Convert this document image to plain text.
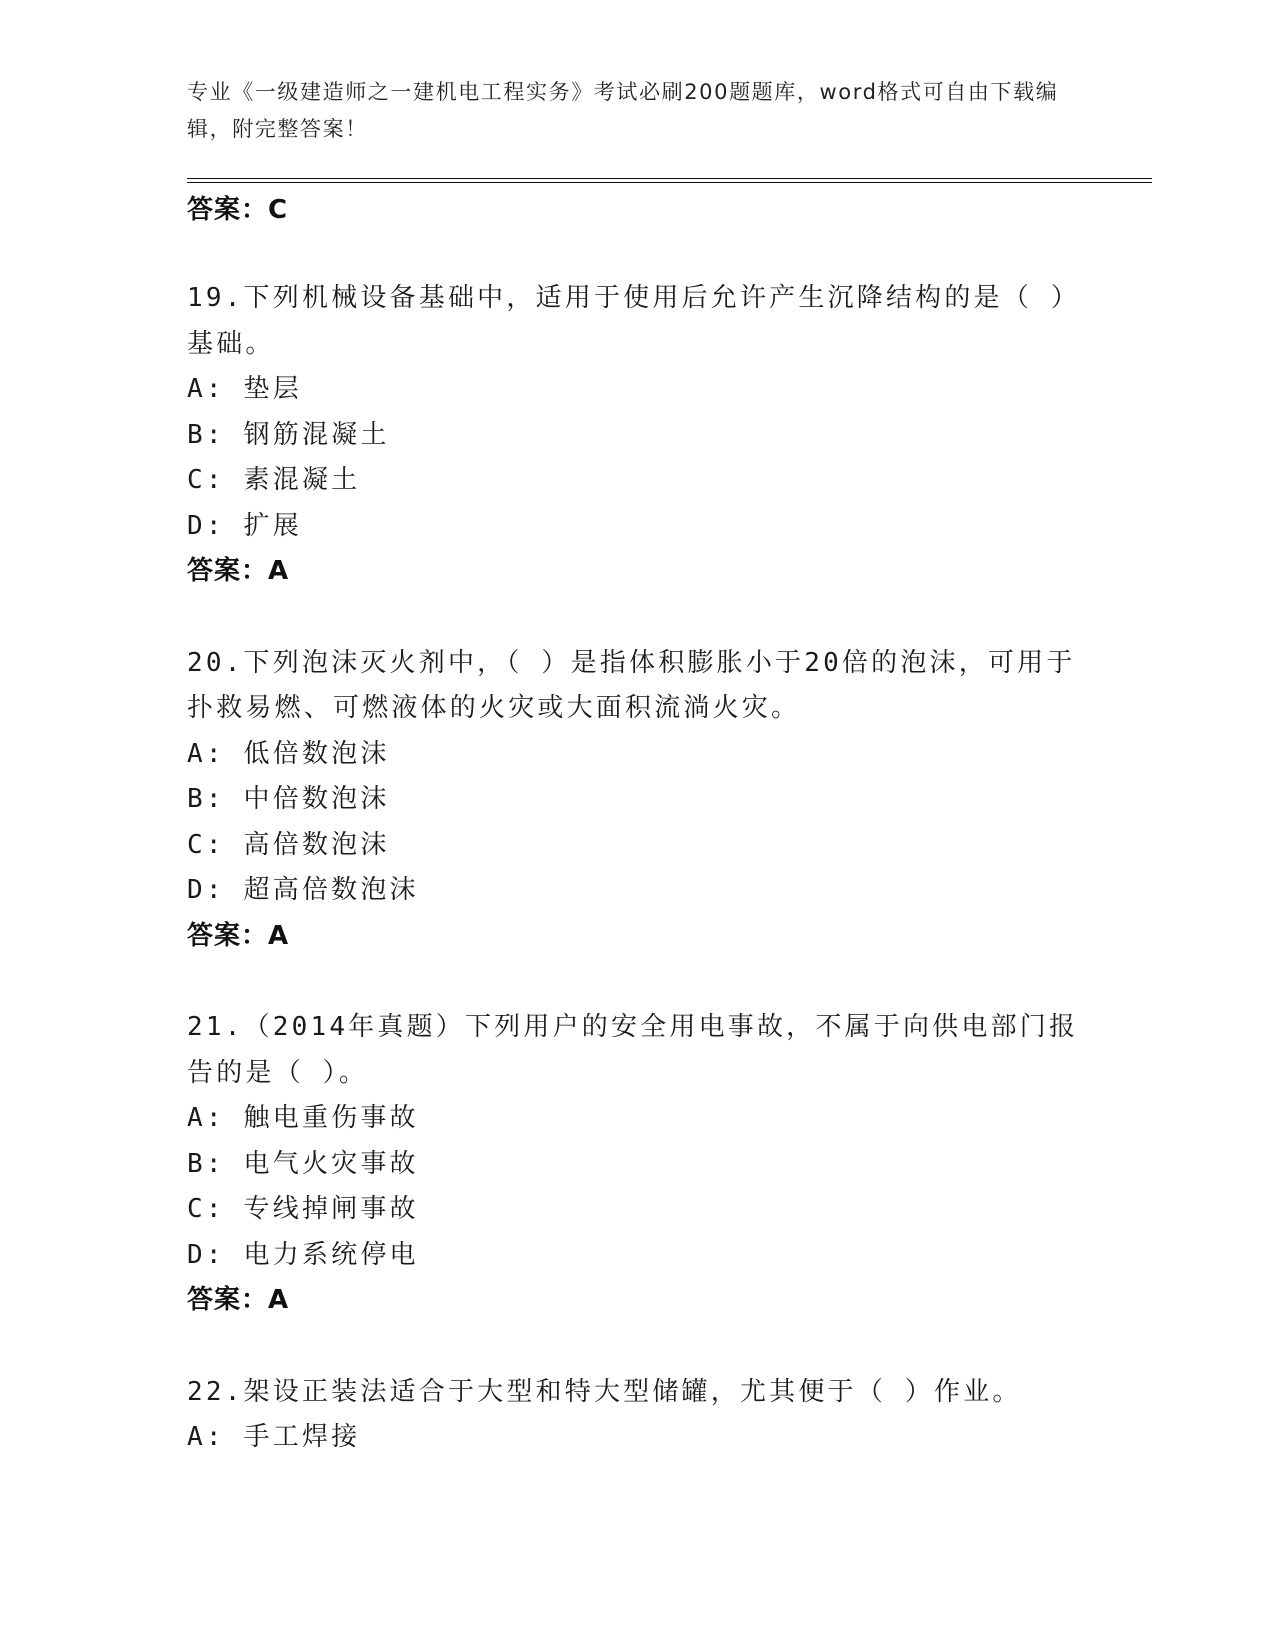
专业《一级建造师之一建机电工程实务》考试必刷200题题库，word格式可自由下载编辑，附完整答案！
答案：C
19.下列机械设备基础中，适用于使用后允许产生沉降结构的是（ ）基础。
A: 垫层
B: 钢筋混凝土
C: 素混凝土
D: 扩展
答案：A
20.下列泡沫灭火剂中，（ ）是指体积膨胀小于20倍的泡沫，可用于扑救易燃、可燃液体的火灾或大面积流淌火灾。
A: 低倍数泡沫
B: 中倍数泡沫
C: 高倍数泡沫
D: 超高倍数泡沫
答案：A
21.（2014年真题）下列用户的安全用电事故，不属于向供电部门报告的是（ ）。
A: 触电重伤事故
B: 电气火灾事故
C: 专线掉闸事故
D: 电力系统停电
答案：A
22.架设正装法适合于大型和特大型储罐，尤其便于（ ）作业。
A: 手工焊接
